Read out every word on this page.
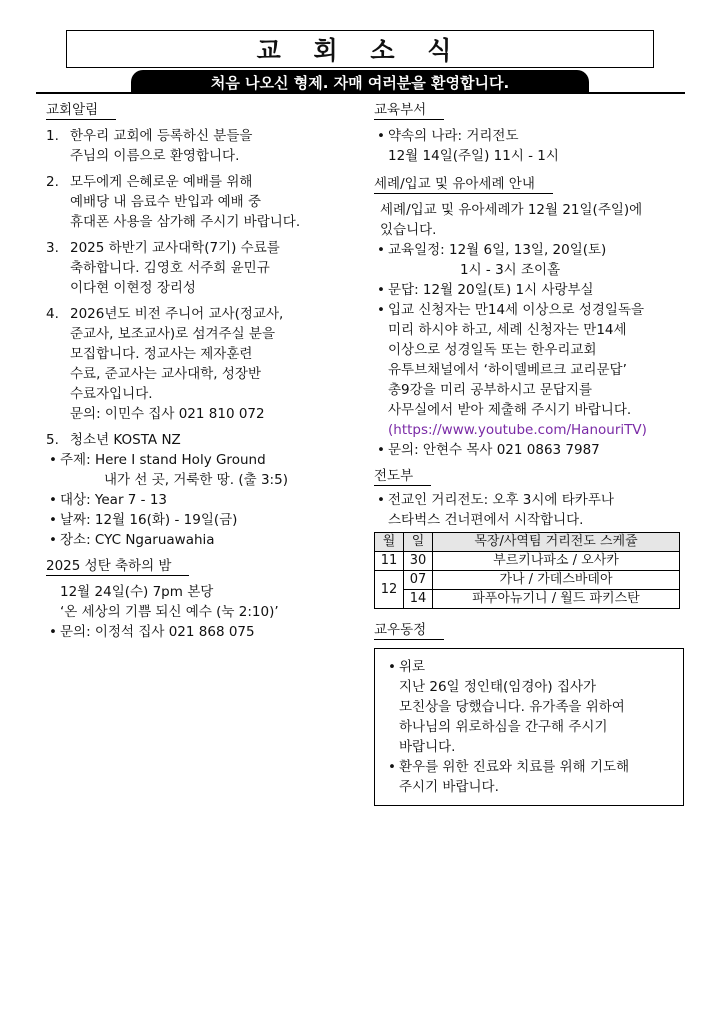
교 회 소 식
처음 나오신 형제. 자매 여러분을 환영합니다.
교회알림
1. 한우리 교회에 등록하신 분들을
주님의 이름으로 환영합니다.
2. 모두에게 은혜로운 예배를 위해
예배당 내 음료수 반입과 예배 중
휴대폰 사용을 삼가해 주시기 바랍니다.
3. 2025 하반기 교사대학(7기) 수료를
축하합니다. 김영호 서주희 윤민규
이다현 이현정 장리성
4. 2026년도 비전 주니어 교사(정교사,
준교사, 보조교사)로 섬겨주실 분을
모집합니다. 정교사는 제자훈련
수료, 준교사는 교사대학, 성장반
수료자입니다.
문의: 이민수 집사 021 810 072
5. 청소년 KOSTA NZ
• 주제: Here I stand Holy Ground
내가 선 곳, 거룩한 땅. (출 3:5)
• 대상: Year 7 - 13
• 날짜: 12월 16(화) - 19일(금)
• 장소: CYC Ngaruawahia
2025 성탄 축하의 밤
12월 24일(수) 7pm 본당
‘온 세상의 기쁨 되신 예수 (눅 2:10)’
• 문의: 이정석 집사 021 868 075
교육부서
• 약속의 나라: 거리전도
12월 14일(주일) 11시 - 1시
세례/입교 및 유아세례 안내
세례/입교 및 유아세례가 12월 21일(주일)에
있습니다.
• 교육일정: 12월 6일, 13일, 20일(토)
1시 - 3시 조이홀
• 문답: 12월 20일(토) 1시 사랑부실
• 입교 신청자는 만14세 이상으로 성경일독을
미리 하시야 하고, 세례 신청자는 만14세
이상으로 성경일독 또는 한우리교회
유투브채널에서 ‘하이델베르크 교리문답’
총9강을 미리 공부하시고 문답지를
사무실에서 받아 제출해 주시기 바랍니다.
(https://www.youtube.com/HanouriTV)
• 문의: 안현수 목사 021 0863 7987
전도부
• 전교인 거리전도: 오후 3시에 타카푸나
스타벅스 건너편에서 시작합니다.
월	일	목장/사역팀 거리전도 스케쥴
11	30	부르키나파소 / 오사카
12	07	가나 / 가데스바데아
	14	파푸아뉴기니 / 월드 파키스탄
교우동정
• 위로
지난 26일 정인태(임경아) 집사가
모친상을 당했습니다. 유가족을 위하여
하나님의 위로하심을 간구해 주시기
바랍니다.
• 환우를 위한 진료와 치료를 위해 기도해
주시기 바랍니다.
